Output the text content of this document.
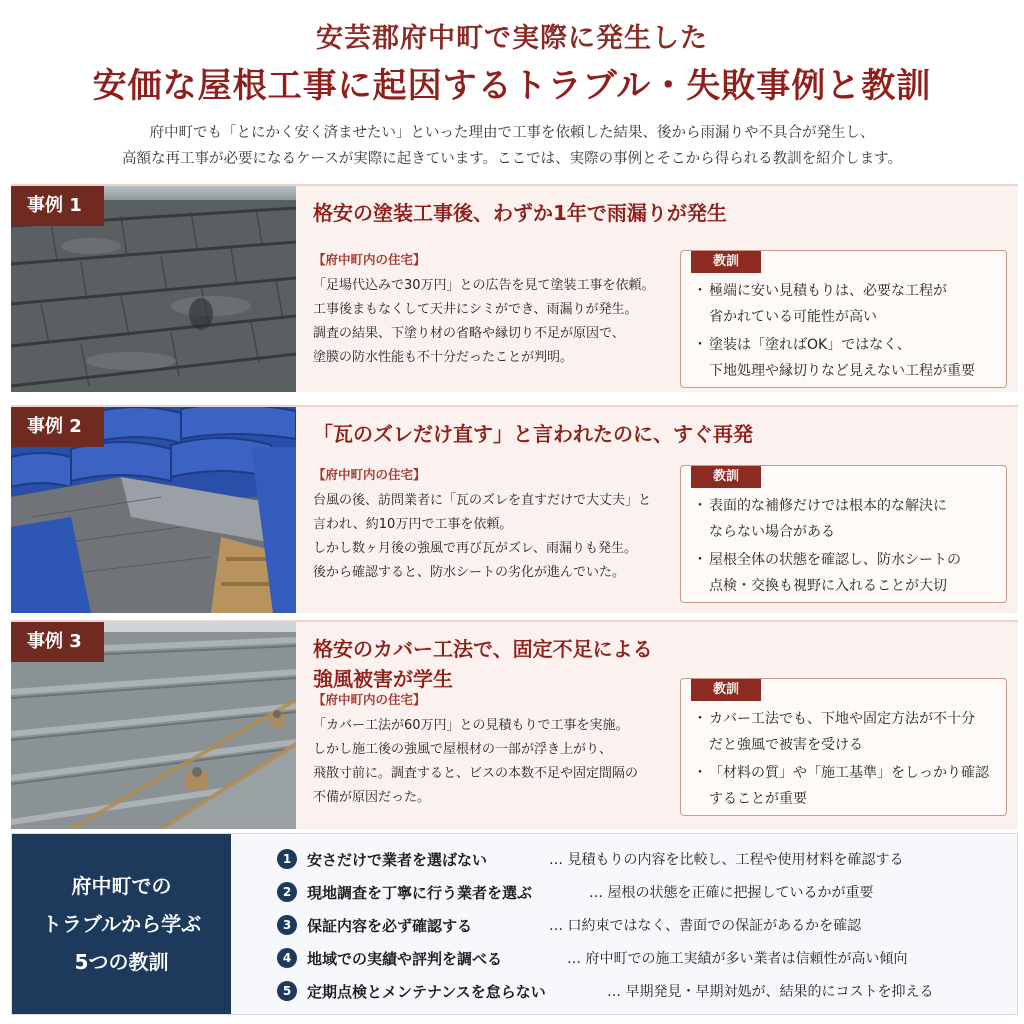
安芸郡府中町で実際に発生した
安価な屋根工事に起因するトラブル・失敗事例と教訓
府中町でも「とにかく安く済ませたい」といった理由で工事を依頼した結果、後から雨漏りや不具合が発生し、
高額な再工事が必要になるケースが実際に起きています。ここでは、実際の事例とそこから得られる教訓を紹介します。
事例 1	格安の塗装工事後、わずか1年で雨漏りが発生
【府中町内の住宅】
「足場代込みで30万円」との広告を見て塗装工事を依頼。
工事後まもなくして天井にシミができ、雨漏りが発生。
調査の結果、下塗り材の省略や縁切り不足が原因で、
塗膜の防水性能も不十分だったことが判明。
教訓
・ 極端に安い見積もりは、必要な工程が
省かれている可能性が高い
・ 塗装は「塗ればOK」ではなく、
下地処理や縁切りなど見えない工程が重要
事例 2	「瓦のズレだけ直す」と言われたのに、すぐ再発
【府中町内の住宅】
台風の後、訪問業者に「瓦のズレを直すだけで大丈夫」と
言われ、約10万円で工事を依頼。
しかし数ヶ月後の強風で再び瓦がズレ、雨漏りも発生。
後から確認すると、防水シートの劣化が進んでいた。
教訓
・ 表面的な補修だけでは根本的な解決に
ならない場合がある
・ 屋根全体の状態を確認し、防水シートの
点検・交換も視野に入れることが大切
事例 3	格安のカバー工法で、固定不足による
強風被害が学生
【府中町内の住宅】
「カバー工法が60万円」との見積もりで工事を実施。
しかし施工後の強風で屋根材の一部が浮き上がり、
飛散寸前に。調査すると、ビスの本数不足や固定間隔の
不備が原因だった。
教訓
・ カバー工法でも、下地や固定方法が不十分
だと強風で被害を受ける
・ 「材料の質」や「施工基準」をしっかり確認
することが重要
府中町での
トラブルから学ぶ
5つの教訓
1	安さだけで業者を選ばない	… 見積もりの内容を比較し、工程や使用材料を確認する
2	現地調査を丁寧に行う業者を選ぶ	… 屋根の状態を正確に把握しているかが重要
3	保証内容を必ず確認する	… 口約束ではなく、書面での保証があるかを確認
4	地域での実績や評判を調べる	… 府中町での施工実績が多い業者は信頼性が高い傾向
5	定期点検とメンテナンスを怠らない	… 早期発見・早期対処が、結果的にコストを抑える
